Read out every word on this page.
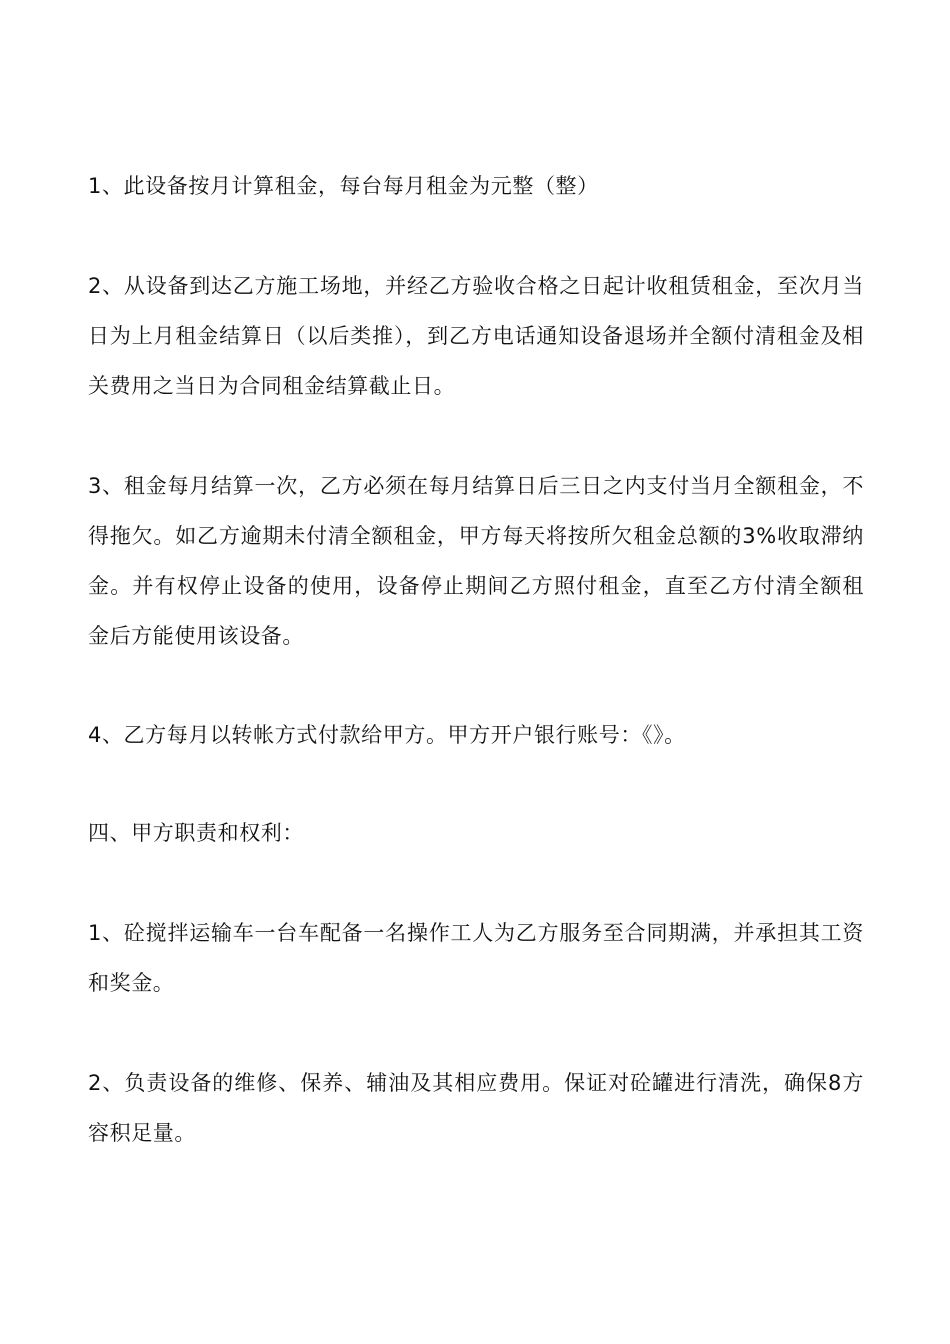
1、此设备按月计算租金，每台每月租金为元整（整）

2、从设备到达乙方施工场地，并经乙方验收合格之日起计收租赁租金，至次月当日为上月租金结算日（以后类推），到乙方电话通知设备退场并全额付清租金及相关费用之当日为合同租金结算截止日。

3、租金每月结算一次，乙方必须在每月结算日后三日之内支付当月全额租金，不得拖欠。如乙方逾期未付清全额租金，甲方每天将按所欠租金总额的3%收取滞纳金。并有权停止设备的使用，设备停止期间乙方照付租金，直至乙方付清全额租金后方能使用该设备。

4、乙方每月以转帐方式付款给甲方。甲方开户银行账号：《》。

四、甲方职责和权利：

1、砼搅拌运输车一台车配备一名操作工人为乙方服务至合同期满，并承担其工资和奖金。

2、负责设备的维修、保养、辅油及其相应费用。保证对砼罐进行清洗，确保8方容积足量。
